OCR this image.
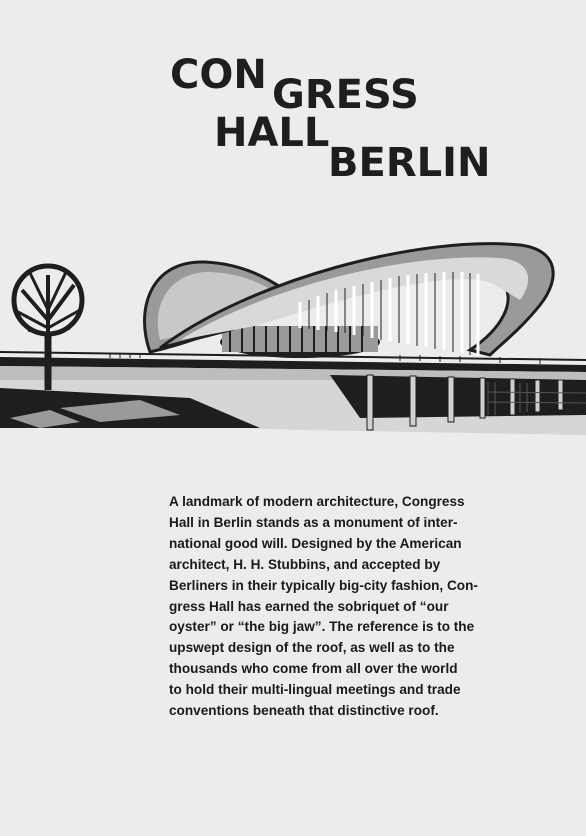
CON GRESS
HALL
BERLIN

A landmark of modern architecture, Congress
Hall in Berlin stands as a monument of inter-
national good will. Designed by the American
architect, H. H. Stubbins, and accepted by
Berliners in their typically big-city fashion, Con-
gress Hall has earned the sobriquet of “our
oyster” or “the big jaw”. The reference is to the
upswept design of the roof, as well as to the
thousands who come from all over the world
to hold their multi-lingual meetings and trade
conventions beneath that distinctive roof.
